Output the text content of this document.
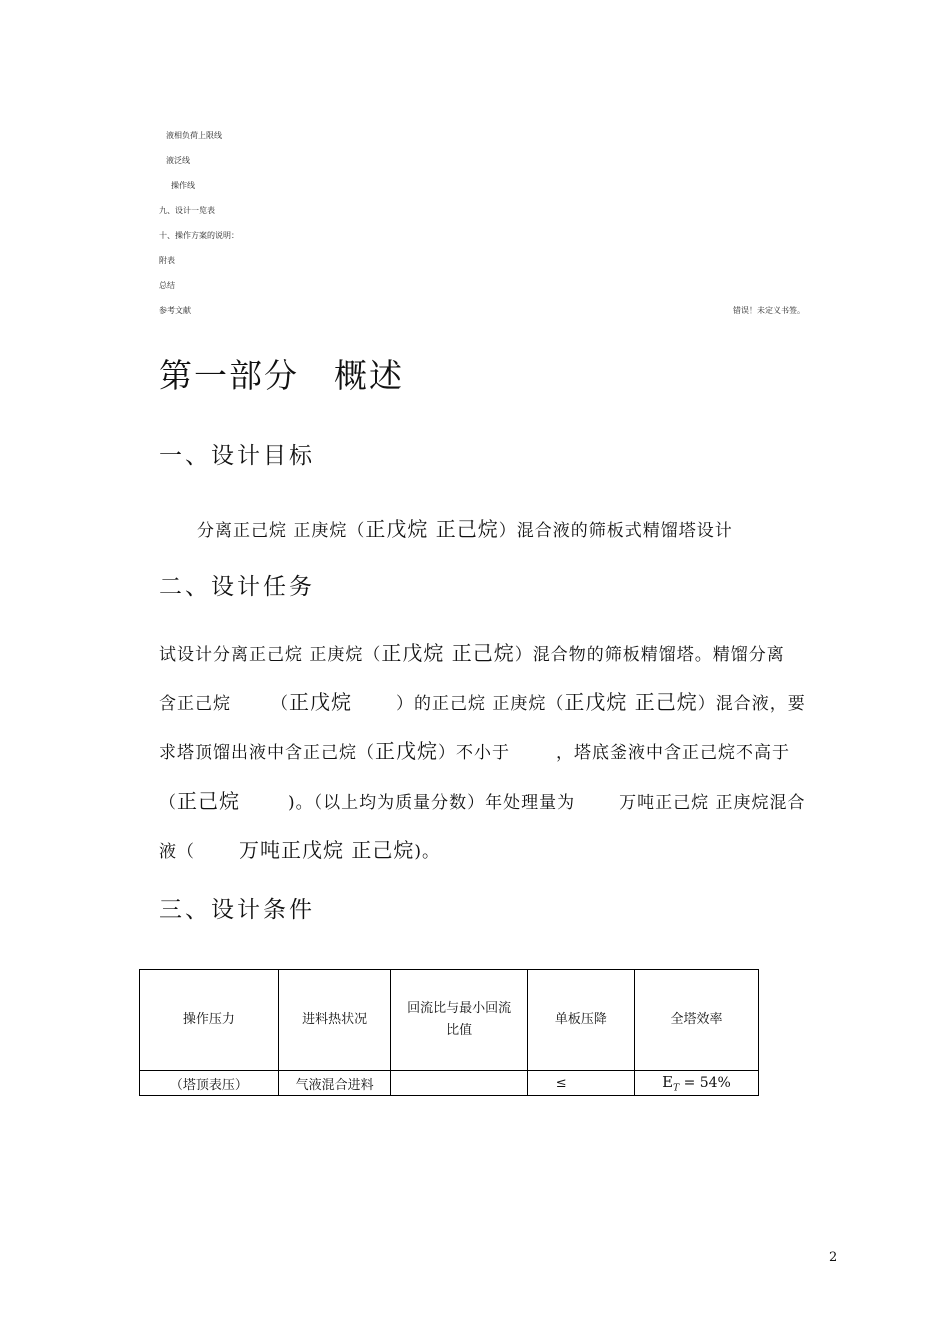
液相负荷上限线
液泛线
操作线
九、设计一览表
十、操作方案的说明：
附表
总结
参考文献	错误！未定义书签。
第一部分　概述
一、设计目标
分离正己烷 正庚烷（正戊烷 正己烷）混合液的筛板式精馏塔设计
二、设计任务
试设计分离正己烷 正庚烷（正戊烷 正己烷）混合物的筛板精馏塔。精馏分离
含正己烷 （正戊烷	）的正己烷 正庚烷（正戊烷 正己烷）混合液，要
求塔顶馏出液中含正己烷（正戊烷）不小于	，塔底釜液中含正己烷不高于
（正己烷	)。（以上均为质量分数）年处理量为	万吨正己烷 正庚烷混合
液（ 万吨正戊烷 正己烷)。
三、设计条件
操作压力	进料热状况	回流比与最小回流比值	单板压降	全塔效率
（塔顶表压）	气液混合进料		≤	$E_T = 54\%$
2
